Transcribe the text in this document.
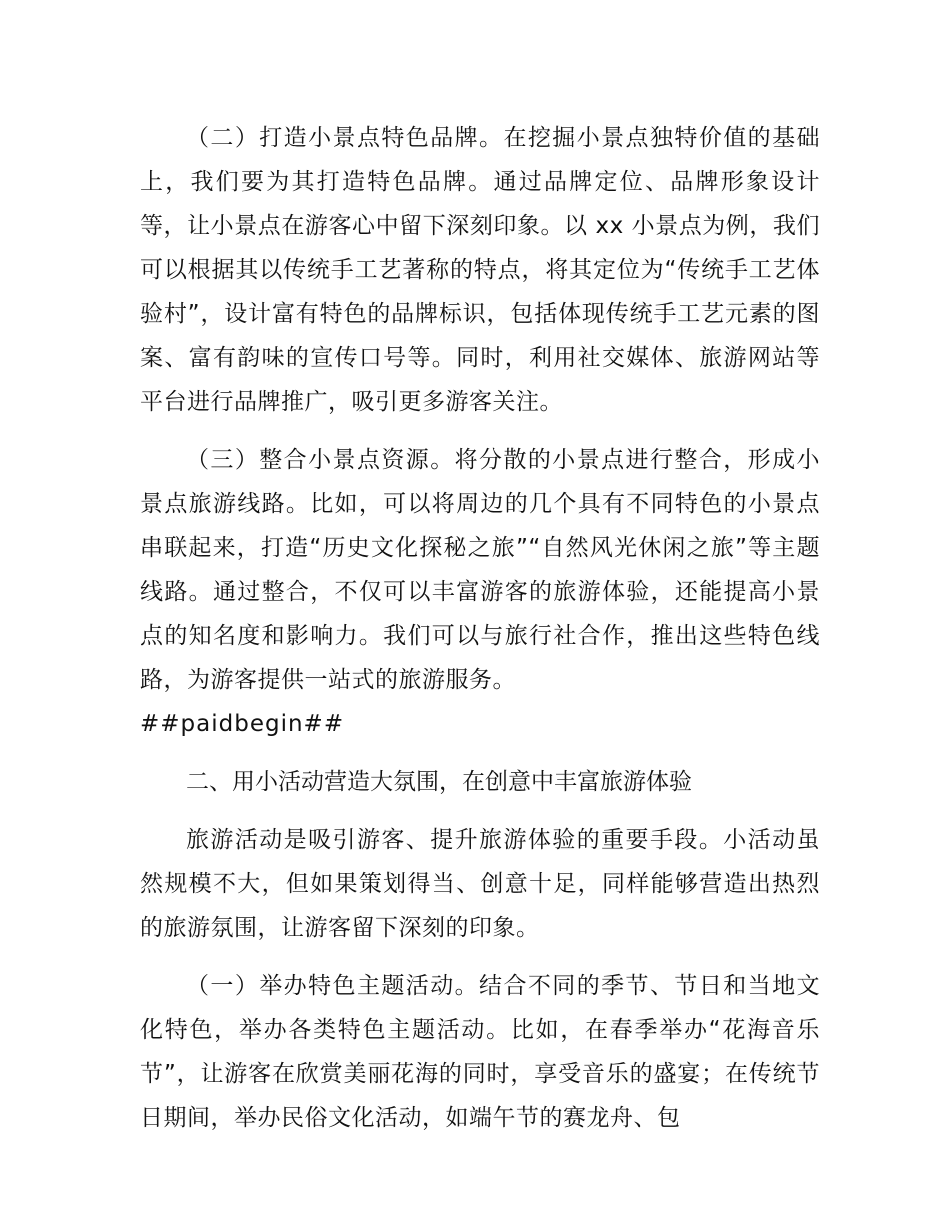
（二）打造小景点特色品牌。在挖掘小景点独特价值的基础上，我们要为其打造特色品牌。通过品牌定位、品牌形象设计等，让小景点在游客心中留下深刻印象。以 xx 小景点为例，我们可以根据其以传统手工艺著称的特点，将其定位为“传统手工艺体验村”，设计富有特色的品牌标识，包括体现传统手工艺元素的图案、富有韵味的宣传口号等。同时，利用社交媒体、旅游网站等平台进行品牌推广，吸引更多游客关注。

（三）整合小景点资源。将分散的小景点进行整合，形成小景点旅游线路。比如，可以将周边的几个具有不同特色的小景点串联起来，打造“历史文化探秘之旅”“自然风光休闲之旅”等主题线路。通过整合，不仅可以丰富游客的旅游体验，还能提高小景点的知名度和影响力。我们可以与旅行社合作，推出这些特色线路，为游客提供一站式的旅游服务。

##paidbegin##
二、用小活动营造大氛围，在创意中丰富旅游体验

旅游活动是吸引游客、提升旅游体验的重要手段。小活动虽然规模不大，但如果策划得当、创意十足，同样能够营造出热烈的旅游氛围，让游客留下深刻的印象。

（一）举办特色主题活动。结合不同的季节、节日和当地文化特色，举办各类特色主题活动。比如，在春季举办“花海音乐节”，让游客在欣赏美丽花海的同时，享受音乐的盛宴；在传统节日期间，举办民俗文化活动，如端午节的赛龙舟、包
